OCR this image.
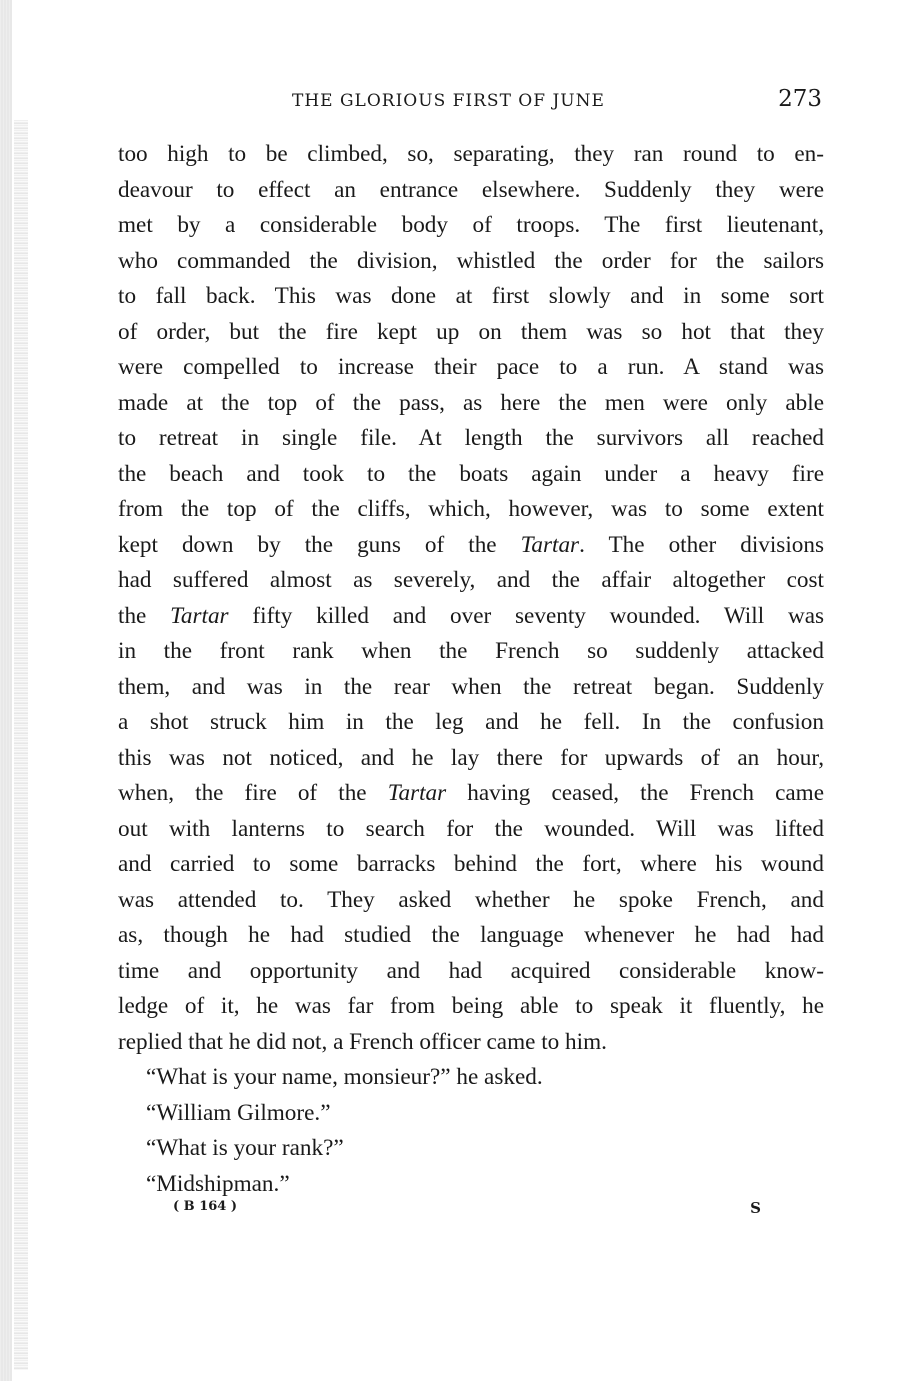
THE GLORIOUS FIRST OF JUNE	273
too high to be climbed, so, separating, they ran round to en-
deavour to effect an entrance elsewhere. Suddenly they were
met by a considerable body of troops. The first lieutenant,
who commanded the division, whistled the order for the sailors
to fall back. This was done at first slowly and in some sort
of order, but the fire kept up on them was so hot that they
were compelled to increase their pace to a run. A stand was
made at the top of the pass, as here the men were only able
to retreat in single file. At length the survivors all reached
the beach and took to the boats again under a heavy fire
from the top of the cliffs, which, however, was to some extent
kept down by the guns of the Tartar. The other divisions
had suffered almost as severely, and the affair altogether cost
the Tartar fifty killed and over seventy wounded. Will was
in the front rank when the French so suddenly attacked
them, and was in the rear when the retreat began. Suddenly
a shot struck him in the leg and he fell. In the confusion
this was not noticed, and he lay there for upwards of an hour,
when, the fire of the Tartar having ceased, the French came
out with lanterns to search for the wounded. Will was lifted
and carried to some barracks behind the fort, where his wound
was attended to. They asked whether he spoke French, and
as, though he had studied the language whenever he had had
time and opportunity and had acquired considerable know-
ledge of it, he was far from being able to speak it fluently, he
replied that he did not, a French officer came to him.
“What is your name, monsieur?” he asked.
“William Gilmore.”
“What is your rank?”
“Midshipman.”
( B 164 )	S
